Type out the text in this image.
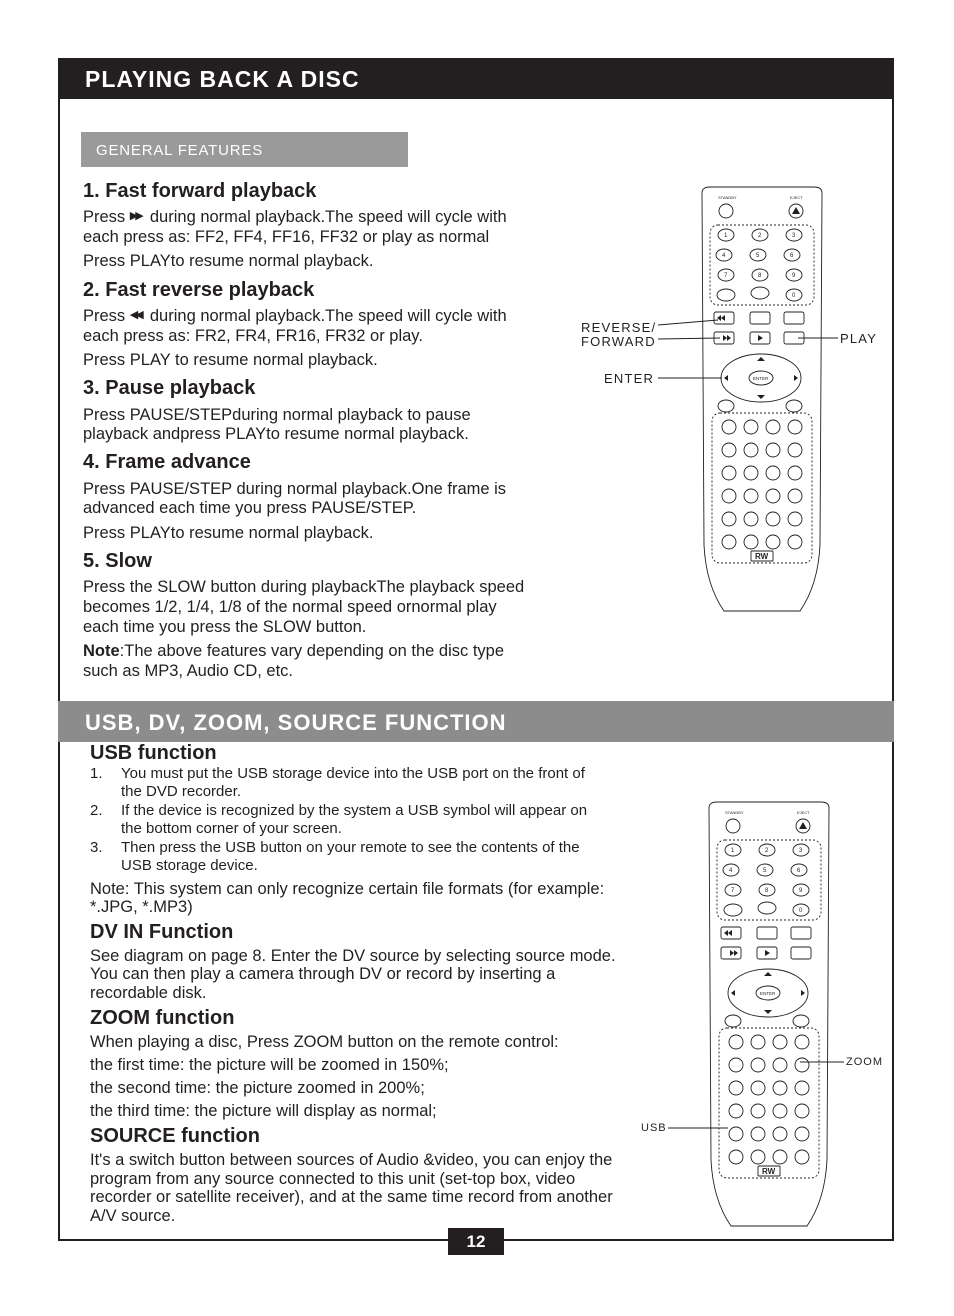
PLAYING BACK A DISC
GENERAL FEATURES
1. Fast forward playback
Press ▶▶ during normal playback.The speed will cycle with
each press as: FF2, FF4, FF16, FF32 or play as normal
Press PLAYto resume normal playback.
2. Fast reverse playback
Press ◀◀ during normal playback.The speed will cycle with
each press as: FR2, FR4, FR16, FR32 or play.
Press PLAY to resume normal playback.
3. Pause playback
Press PAUSE/STEPduring normal playback to pause
playback andpress PLAYto resume normal playback.
4. Frame advance
Press PAUSE/STEP during normal playback.One frame is
advanced each time you press PAUSE/STEP.
Press PLAYto resume normal playback.
5. Slow
Press the SLOW button during playbackThe playback speed
becomes 1/2, 1/4, 1/8 of the normal speed ornormal play
each time you press the SLOW button.
Note:The above features vary depending on the disc type
such as MP3, Audio CD, etc.
REVERSE/
FORWARD	PLAY
ENTER
USB, DV, ZOOM, SOURCE FUNCTION
USB function
1. You must put the USB storage device into the USB port on the front of
the DVD recorder.
2. If the device is recognized by the system a USB symbol will appear on
the bottom corner of your screen.
3. Then press the USB button on your remote to see the contents of the
USB storage device.
Note: This system can only recognize certain file formats (for example:
*.JPG, *.MP3)
DV IN Function
See diagram on page 8. Enter the DV source by selecting source mode.
You can then play a camera through DV or record by inserting a
recordable disk.
ZOOM function
When playing a disc, Press ZOOM button on the remote control:
the first time: the picture will be zoomed in 150%;
the second time: the picture zoomed in 200%;
the third time: the picture will display as normal;
SOURCE function
It's a switch button between sources of Audio &video, you can enjoy the
program from any source connected to this unit (set-top box, video
recorder or satellite receiver), and at the same time record from another
A/V source.
ZOOM
USB
STANDBY	EJECT
1	2	3
4	5	6
7	8	9
0
ENTER
RW
STANDBY	EJECT
1	2	3
4	5	6
7	8	9
0
ENTER
RW
12
